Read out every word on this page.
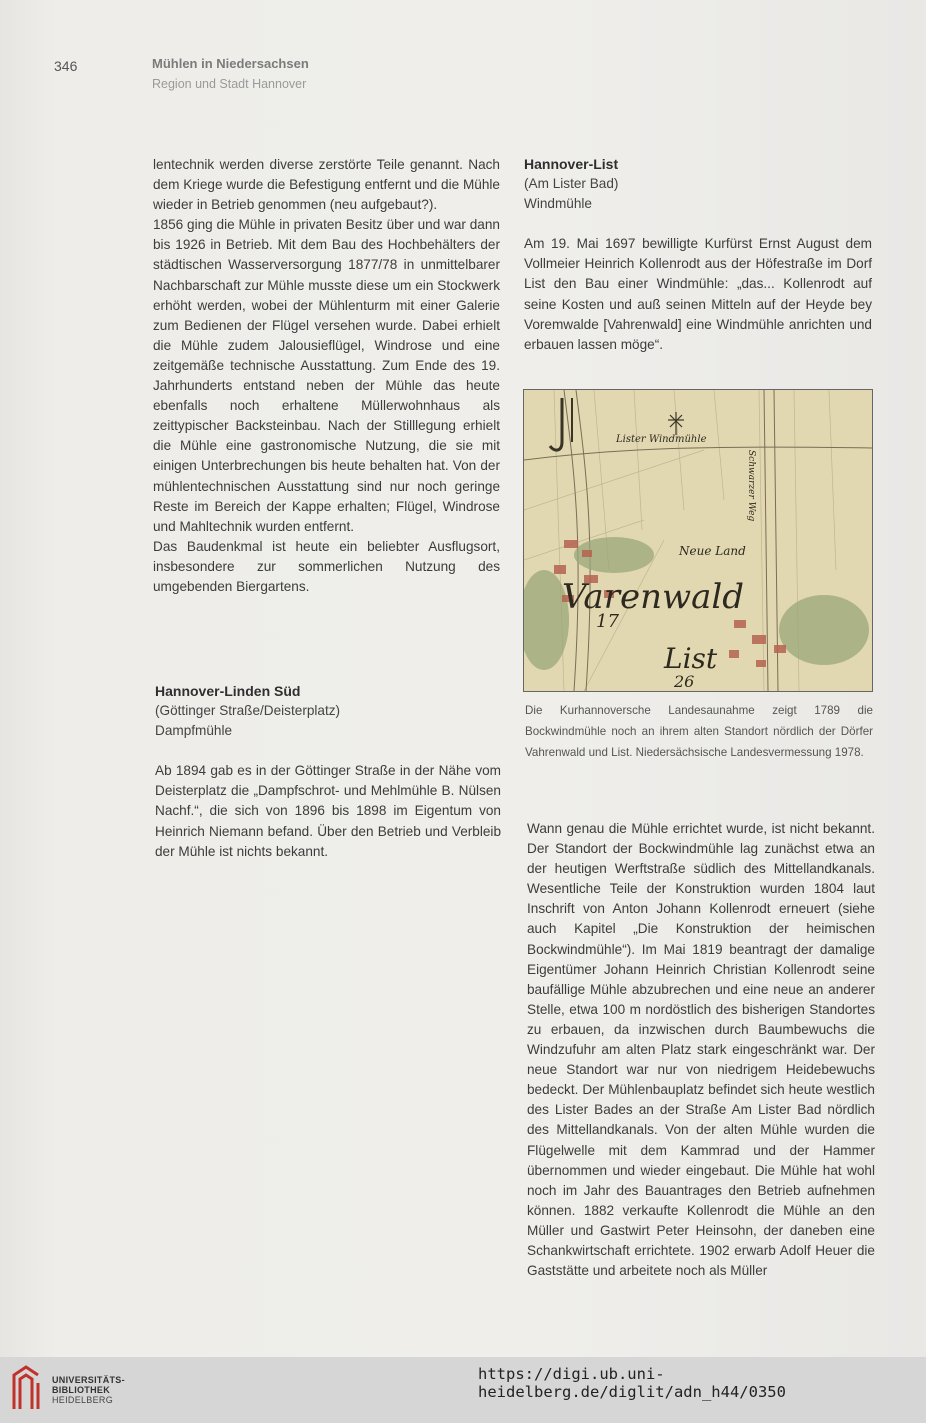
346	Mühlen in Niedersachsen
Region und Stadt Hannover

lentechnik werden diverse zerstörte Teile genannt. Nach dem Kriege wurde die Befestigung entfernt und die Mühle wieder in Betrieb genommen (neu aufgebaut?).

1856 ging die Mühle in privaten Besitz über und war dann bis 1926 in Betrieb. Mit dem Bau des Hochbehälters der städtischen Wasserversorgung 1877/78 in unmittelbarer Nachbarschaft zur Mühle musste diese um ein Stockwerk erhöht werden, wobei der Mühlenturm mit einer Galerie zum Bedienen der Flügel versehen wurde. Dabei erhielt die Mühle zudem Jalousieflügel, Windrose und eine zeitgemäße technische Ausstattung. Zum Ende des 19. Jahrhunderts entstand neben der Mühle das heute ebenfalls noch erhaltene Müllerwohnhaus als zeittypischer Backsteinbau. Nach der Stilllegung erhielt die Mühle eine gastronomische Nutzung, die sie mit einigen Unterbrechungen bis heute behalten hat. Von der mühlentechnischen Ausstattung sind nur noch geringe Reste im Bereich der Kappe erhalten; Flügel, Windrose und Mahltechnik wurden entfernt.

Das Baudenkmal ist heute ein beliebter Ausflugsort, insbesondere zur sommerlichen Nutzung des umgebenden Biergartens.

Hannover-Linden Süd
(Göttinger Straße/Deisterplatz)
Dampfmühle

Ab 1894 gab es in der Göttinger Straße in der Nähe vom Deisterplatz die „Dampfschrot- und Mehlmühle B. Nülsen Nachf.“, die sich von 1896 bis 1898 im Eigentum von Heinrich Niemann befand. Über den Betrieb und Verbleib der Mühle ist nichts bekannt.

Hannover-List
(Am Lister Bad)
Windmühle

Am 19. Mai 1697 bewilligte Kurfürst Ernst August dem Vollmeier Heinrich Kollenrodt aus der Höfestraße im Dorf List den Bau einer Windmühle: „das... Kollenrodt auf seine Kosten und auß seinen Mitteln auf der Heyde bey Voremwalde [Vahrenwald] eine Windmühle anrichten und erbauen lassen möge“.

Lister Windmühle
Schwarzer Weg
Neue Land
Varenwald
17
List
26
Die Kurhannoversche Landesaunahme zeigt 1789 die Bockwindmühle noch an ihrem alten Standort nördlich der Dörfer Vahrenwald und List. Niedersächsische Landesvermessung 1978.

Wann genau die Mühle errichtet wurde, ist nicht bekannt. Der Standort der Bockwindmühle lag zunächst etwa an der heutigen Werftstraße südlich des Mittellandkanals. Wesentliche Teile der Konstruktion wurden 1804 laut Inschrift von Anton Johann Kollenrodt erneuert (siehe auch Kapitel „Die Konstruktion der heimischen Bockwindmühle“). Im Mai 1819 beantragt der damalige Eigentümer Johann Heinrich Christian Kollenrodt seine baufällige Mühle abzubrechen und eine neue an anderer Stelle, etwa 100 m nordöstlich des bisherigen Standortes zu erbauen, da inzwischen durch Baumbewuchs die Windzufuhr am alten Platz stark eingeschränkt war. Der neue Standort war nur von niedrigem Heidebewuchs bedeckt. Der Mühlenbauplatz befindet sich heute westlich des Lister Bades an der Straße Am Lister Bad nördlich des Mittellandkanals. Von der alten Mühle wurden die Flügelwelle mit dem Kammrad und der Hammer übernommen und wieder eingebaut. Die Mühle hat wohl noch im Jahr des Bauantrages den Betrieb aufnehmen können. 1882 verkaufte Kollenrodt die Mühle an den Müller und Gastwirt Peter Heinsohn, der daneben eine Schankwirtschaft errichtete. 1902 erwarb Adolf Heuer die Gaststätte und arbeitete noch als Müller

UNIVERSITÄTS-
BIBLIOTHEK
HEIDELBERG
https://digi.ub.uni-heidelberg.de/diglit/adn_h44/0350
